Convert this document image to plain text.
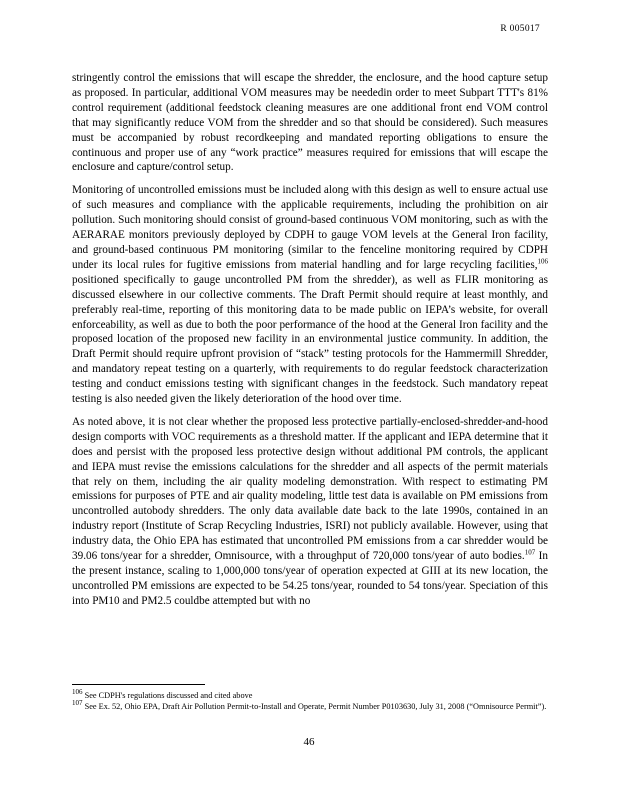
R 005017

stringently control the emissions that will escape the shredder, the enclosure, and the hood capture setup as proposed. In particular, additional VOM measures may be neededin order to meet Subpart TTT's 81% control requirement (additional feedstock cleaning measures are one additional front end VOM control that may significantly reduce VOM from the shredder and so that should be considered). Such measures must be accompanied by robust recordkeeping and mandated reporting obligations to ensure the continuous and proper use of any “work practice” measures required for emissions that will escape the enclosure and capture/control setup.

Monitoring of uncontrolled emissions must be included along with this design as well to ensure actual use of such measures and compliance with the applicable requirements, including the prohibition on air pollution. Such monitoring should consist of ground-based continuous VOM monitoring, such as with the AERARAE monitors previously deployed by CDPH to gauge VOM levels at the General Iron facility, and ground-based continuous PM monitoring (similar to the fenceline monitoring required by CDPH under its local rules for fugitive emissions from material handling and for large recycling facilities,$^{106}$ positioned specifically to gauge uncontrolled PM from the shredder), as well as FLIR monitoring as discussed elsewhere in our collective comments. The Draft Permit should require at least monthly, and preferably real-time, reporting of this monitoring data to be made public on IEPA’s website, for overall enforceability, as well as due to both the poor performance of the hood at the General Iron facility and the proposed location of the proposed new facility in an environmental justice community. In addition, the Draft Permit should require upfront provision of “stack” testing protocols for the Hammermill Shredder, and mandatory repeat testing on a quarterly, with requirements to do regular feedstock characterization testing and conduct emissions testing with significant changes in the feedstock. Such mandatory repeat testing is also needed given the likely deterioration of the hood over time.

As noted above, it is not clear whether the proposed less protective partially-enclosed-shredder-and-hood design comports with VOC requirements as a threshold matter. If the applicant and IEPA determine that it does and persist with the proposed less protective design without additional PM controls, the applicant and IEPA must revise the emissions calculations for the shredder and all aspects of the permit materials that rely on them, including the air quality modeling demonstration. With respect to estimating PM emissions for purposes of PTE and air quality modeling, little test data is available on PM emissions from uncontrolled autobody shredders. The only data available date back to the late 1990s, contained in an industry report (Institute of Scrap Recycling Industries, ISRI) not publicly available. However, using that industry data, the Ohio EPA has estimated that uncontrolled PM emissions from a car shredder would be 39.06 tons/year for a shredder, Omnisource, with a throughput of 720,000 tons/year of auto bodies.$^{107}$ In the present instance, scaling to 1,000,000 tons/year of operation expected at GIII at its new location, the uncontrolled PM emissions are expected to be 54.25 tons/year, rounded to 54 tons/year. Speciation of this into PM10 and PM2.5 couldbe attempted but with no

$^{106}$ See CDPH's regulations discussed and cited above
$^{107}$ See Ex. 52, Ohio EPA, Draft Air Pollution Permit-to-Install and Operate, Permit Number P0103630, July 31, 2008 (“Omnisource Permit”).
46
